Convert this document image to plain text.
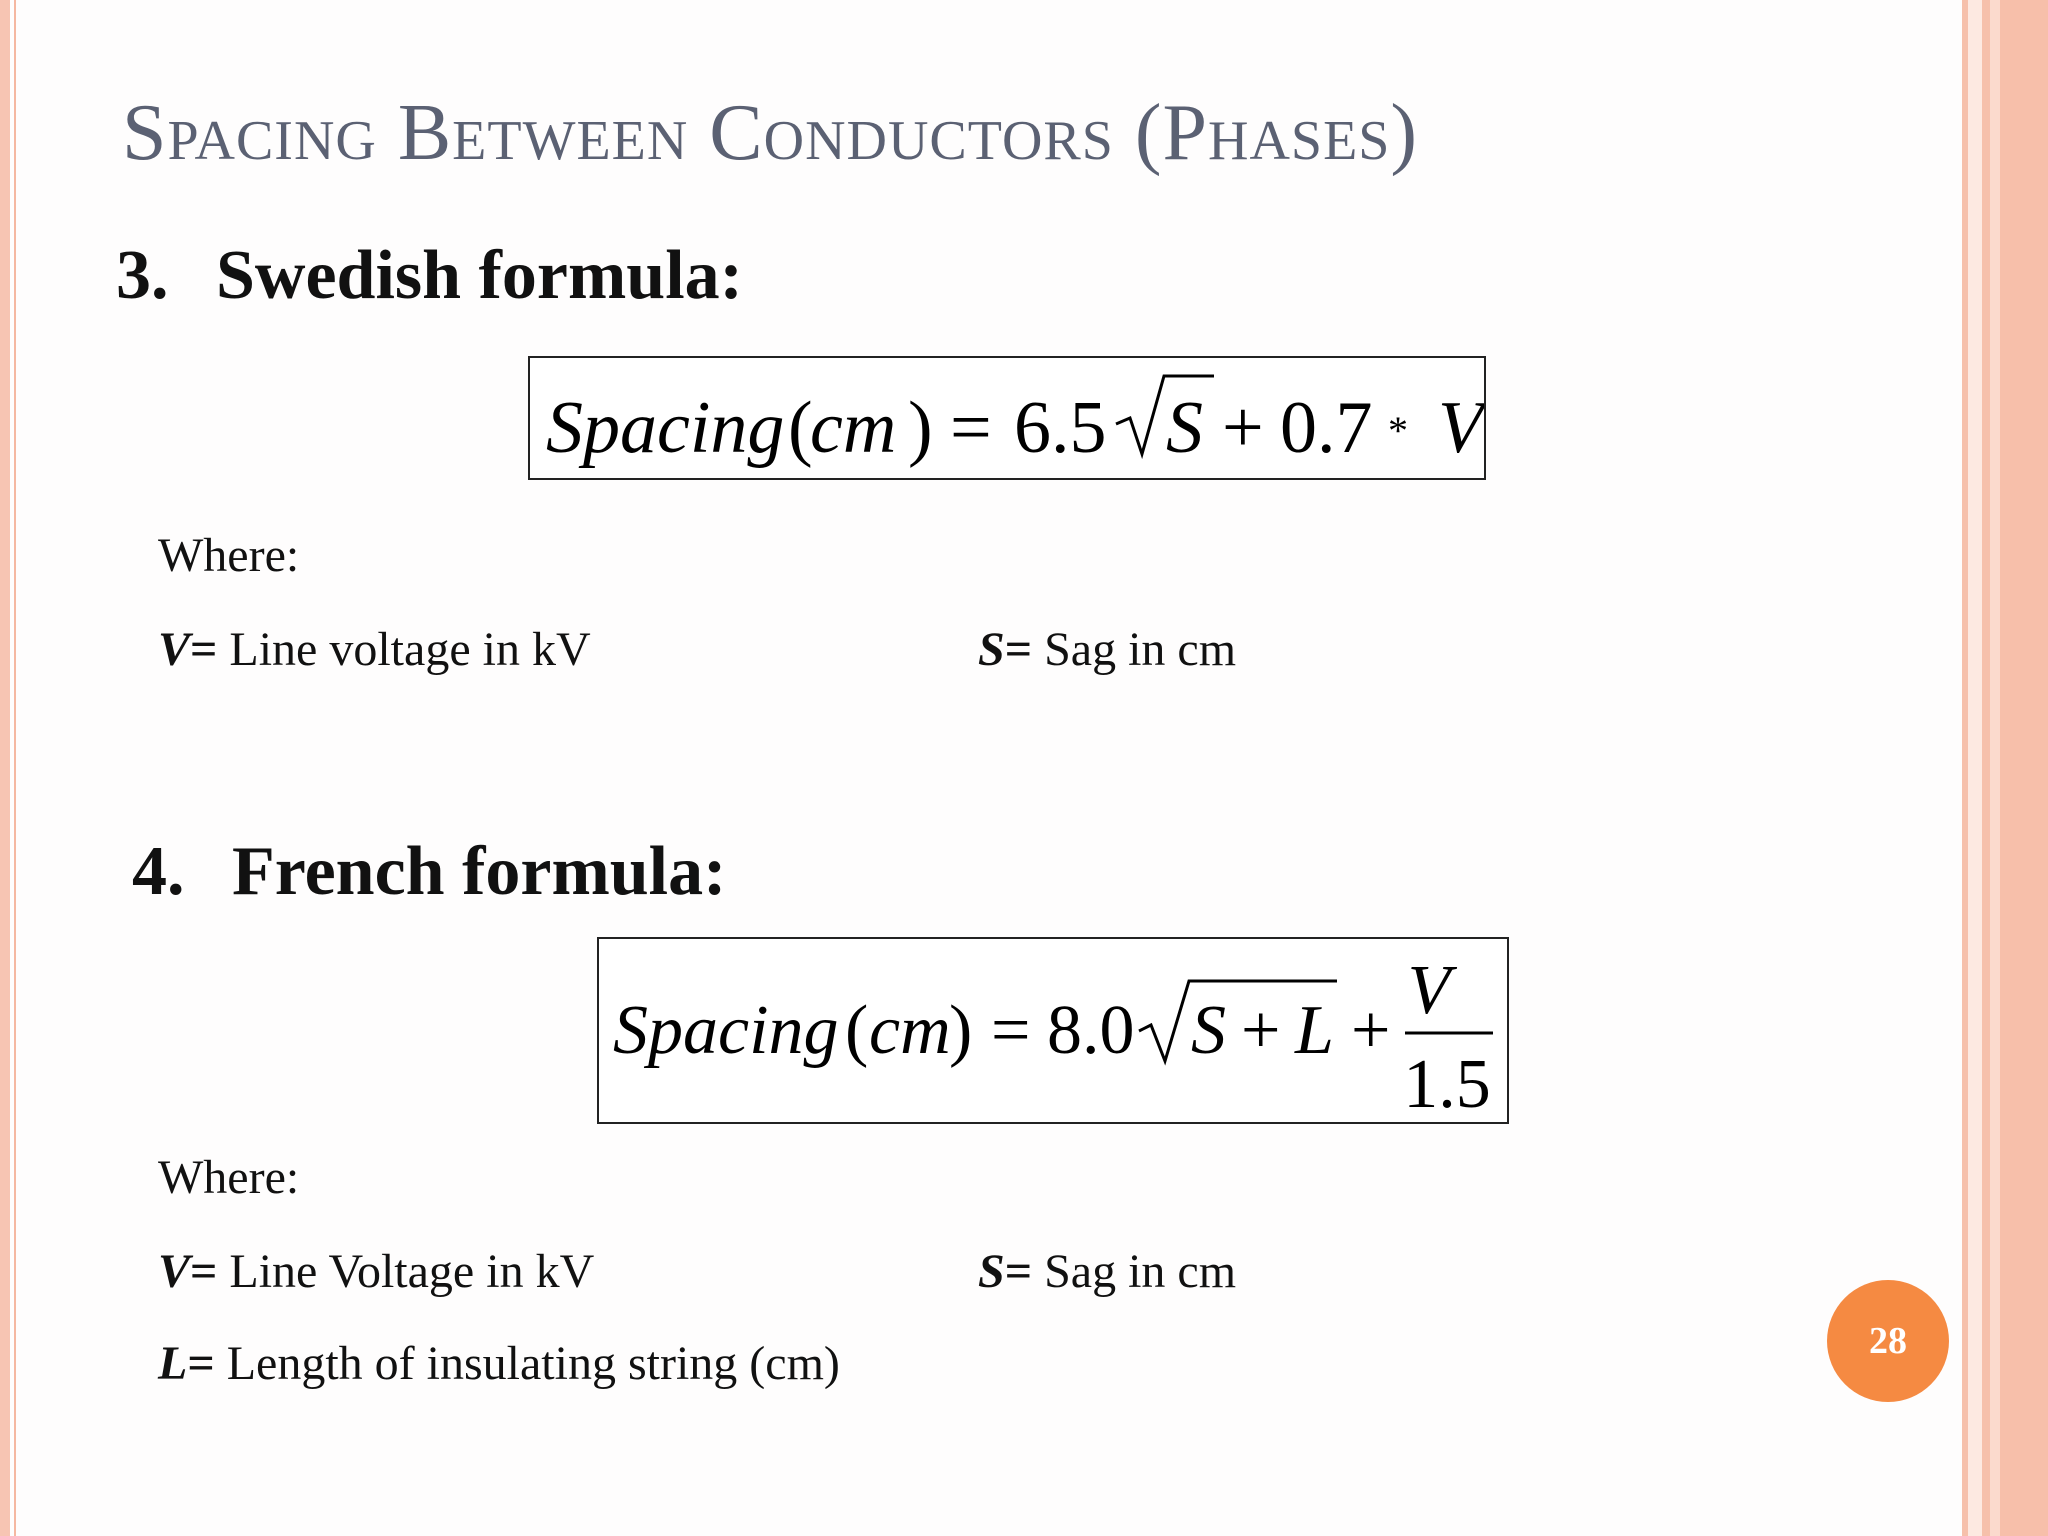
Spacing Between Conductors (Phases)
3. Swedish formula:
Spacing (
cm ) = 6.5 S + 0.7 * V
Where:
V= Line voltage in kV	S= Sag in cm
4. French formula:
Spacing ( cm
) = 8.0 S + L +
V
1.5
Where:
V= Line Voltage in kV	S= Sag in cm
L= Length of insulating string (cm)	28
